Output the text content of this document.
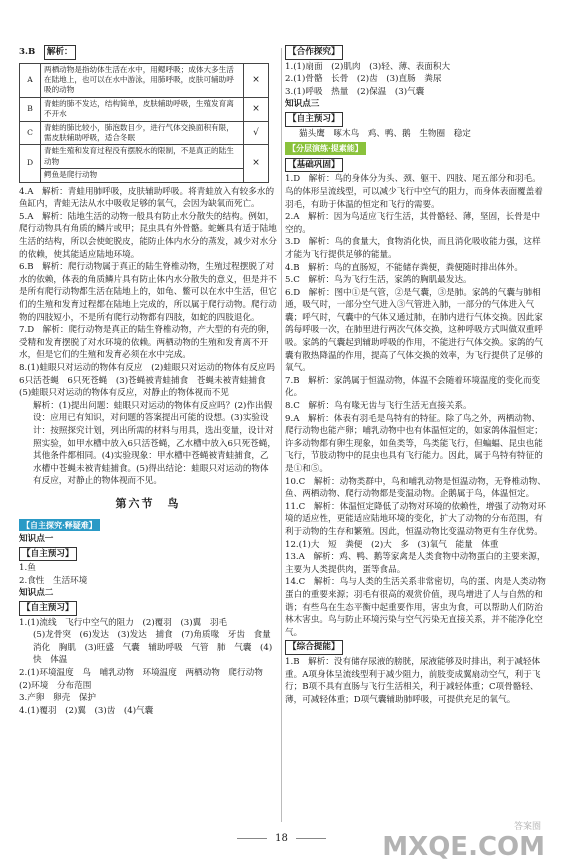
3.B　 解析：

A	两栖动物是指幼体生活在水中，用鳃呼吸；成体大多生活在陆地上，也可以在水中游泳，用肺呼吸，皮肤可辅助呼吸的动物	×
B	青蛙的肺不发达，结构简单，皮肤辅助呼吸，生殖发育离不开水	×
C	青蛙的肺比较小，肺泡数目少，进行气体交换面积有限，需皮肤辅助呼吸，适合冬眠	√
D	青蛙生殖和发育过程没有摆脱水的限制，不是真正的陆生动物	×
	鳄鱼是爬行动物	

4.A　解析：青蛙用肺呼吸，皮肤辅助呼吸。将青蛙放入有较多水的鱼缸内，青蛙无法从水中吸收足够的氧气，会因为缺氧而死亡。

5.A　解析：陆地生活的动物一般具有防止水分散失的结构。例如，爬行动物具有角质的鳞片或甲；昆虫具有外骨骼。蛇蜥具有适于陆地生活的结构，所以会使蛇脱皮，能防止体内水分的蒸发，减少对水分的依赖，使其能适应陆地环境。

6.B　解析：爬行动物属于真正的陆生脊椎动物，生殖过程摆脱了对水的依赖，体表的角质鳞片具有防止体内水分散失的意义，但是并不是所有爬行动物都生活在陆地上的，如龟、鳖可以在水中生活，但它们的生殖和发育过程都在陆地上完成的，所以属于爬行动物。爬行动物的四肢短小，不是所有爬行动物都有四肢，如蛇的四肢退化。

7.D　解析：爬行动物是真正的陆生脊椎动物，产大型的有壳的卵，受精和发育摆脱了对水环境的依赖。两栖动物的生殖和发育离不开水，但是它们的生殖和发育必须在水中完成。

8.(1)蛙眼只对运动的物体有反应　(2)蛙眼只对运动的物体有反应吗　6只活苍蝇　6只死苍蝇　(3)苍蝇被青蛙捕食　苍蝇未被青蛙捕食　(5)蛙眼只对运动的物体有反应，对静止的物体视而不见

解析：(1)提出问题：蛙眼只对运动的物体有反应吗？(2)作出假设：应用已有知识，对问题的答案提出可能的设想。(3)实验设计：按照探究计划，列出所需的材料与用具，选出变量，设计对照实验，如甲水槽中放入6只活苍蝇，乙水槽中放入6只死苍蝇，其他条件都相同。(4)实验现象：甲水槽中苍蝇被青蛙捕食，乙水槽中苍蝇未被青蛙捕食。(5)得出结论：蛙眼只对运动的物体有反应，对静止的物体视而不见。

第六节　鸟
【自主探究·释疑难】

知识点一

【自主预习】

1.鱼

2.食性　生活环境

知识点二

【自主预习】

1.(1)流线　飞行中空气的阻力　(2)覆羽　(3)翼　羽毛

(5)龙骨突　(6)发达　(3)发达　捕食　(7)角质喙　牙齿　食量　消化　胸肌　(3)旺盛　气囊　辅助呼吸　气管　肺　气囊　(4)快　体温

2.(1)环境温度　鸟　哺乳动物　环境温度　两栖动物　爬行动物　(2)环境　分布范围

3.产卵　卵壳　保护

4.(1)覆羽　(2)翼　(3)齿　(4)气囊

【合作探究】

1.(1)扇面　(2)肌肉　(3)轻、薄、表面积大

2.(1)骨骼　长骨　(2)齿　(3)直肠　粪尿

3.(1)呼吸　热量　(2)保温　(3)气囊

知识点三

【自主预习】

猫头鹰　啄木鸟　鸡、鸭、鹅　生物圈　稳定

【分层演练·提素能】
【基础巩固】

1.D　解析：鸟的身体分为头、颈、躯干、四肢、尾五部分和羽毛。鸟的体形呈流线型，可以减少飞行中空气的阻力，而身体表面覆盖着羽毛，有助于体温的恒定和飞行的需要。

2.A　解析：因为鸟适应飞行生活，其骨骼轻、薄，坚固，长骨是中空的。

3.D　解析：鸟的食量大，食物消化快，而且消化吸收能力强，这样才能为飞行提供足够的能量。

4.B　解析：鸟的直肠短，不能储存粪便，粪便随时排出体外。

5.C　解析：鸟为飞行生活，家鸽的胸肌最发达。

6.D　解析：图中①是气管，②是气囊，③是肺。家鸽的气囊与肺相通，吸气时，一部分空气进入③气管进入肺，一部分的气体进入气囊；呼气时，气囊中的气体又通过肺，在肺内进行气体交换。因此家鸽每呼吸一次，在肺里进行两次气体交换，这种呼吸方式叫做双重呼吸。家鸽的气囊起到辅助呼吸的作用，不能进行气体交换。家鸽的气囊有散热降温的作用，提高了气体交换的效率，为飞行提供了足够的氧气。

7.B　解析：家鸽属于恒温动物，体温不会随着环境温度的变化而变化。

8.C　解析：鸟有喙无齿与飞行生活无直接关系。

9.A　解析：体表有羽毛是鸟特有的特征。除了鸟之外，两栖动物、爬行动物也能产卵；哺乳动物中也有体温恒定的，如家鸽体温恒定；许多动物都有卵生现象，如鱼类等，鸟类能飞行，但蝙蝠、昆虫也能飞行，节肢动物中的昆虫也具有飞行能力。因此，属于鸟特有特征的是①和⑤。

10.C　解析：动物类群中，鸟和哺乳动物是恒温动物，无脊椎动物、鱼、两栖动物、爬行动物都是变温动物。企鹅属于鸟，体温恒定。

11.C　解析：体温恒定降低了动物对环境的依赖性，增强了动物对环境的适应性，更能适应陆地环境的变化，扩大了动物的分布范围，有利于动物的生存和繁殖。因此，恒温动物比变温动物更有生存优势。

12.(1)大　短　粪便　(2)大　多　(3)氧气　能量　体重

13.A　解析：鸡、鸭、鹅等家禽是人类食物中动物蛋白的主要来源，主要为人类提供肉，蛋等食品。

14.C　解析：鸟与人类的生活关系非常密切，鸟的蛋、肉是人类动物蛋白的重要来源；羽毛有很高的观赏价值，现鸟增进了人与自然的和谐；有些鸟在生态平衡中起重要作用，害虫为食，可以帮助人们防治林木害虫。鸟与防止环境污染与空气污染无直接关系，并不能净化空气。

【综合提能】

1.B　解析：没有储存尿液的膀胱，尿液能够及时排出，利于减轻体重。A项身体呈流线型利于减少阻力，前肢变成翼扇动空气，利于飞行；B项不具有直肠与飞行生活相关，利于减轻体重；C项骨骼轻、薄，可减轻体重；D项气囊辅助肺呼吸，可提供充足的氧气。

18
答案圈
MXQE.COM
